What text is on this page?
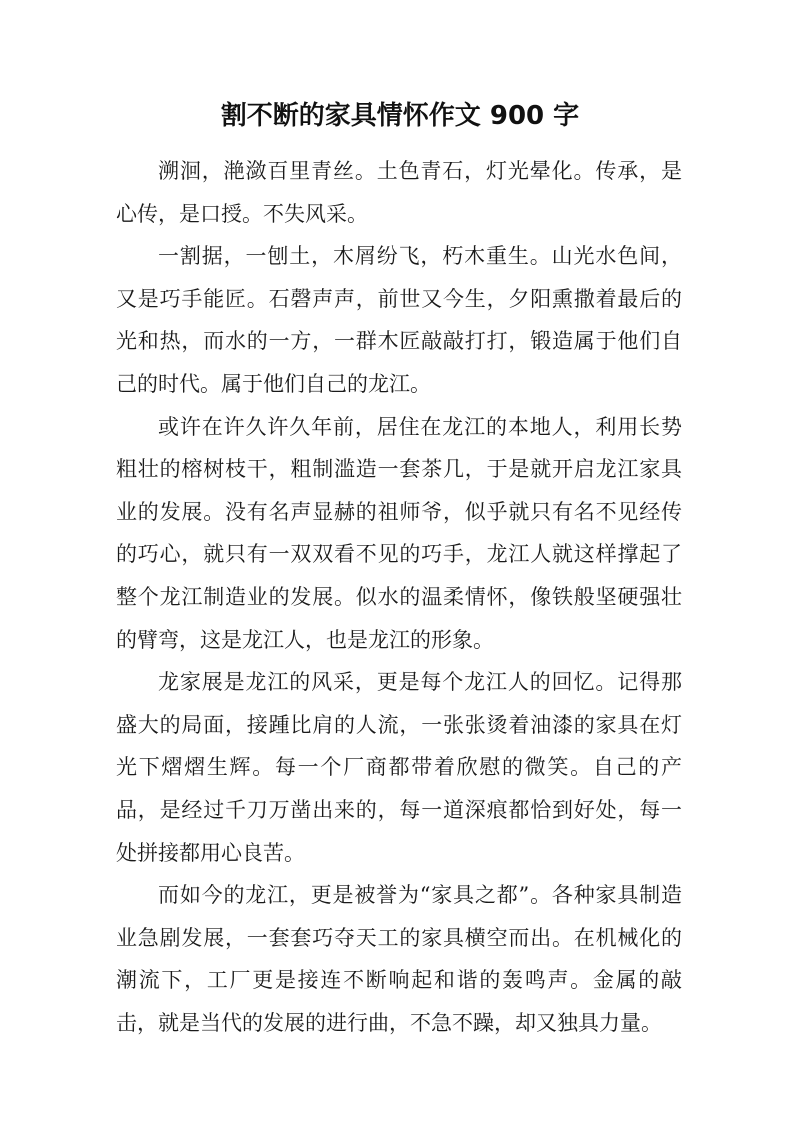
割不断的家具情怀作文 900 字

溯洄，滟潋百里青丝。土色青石，灯光晕化。传承，是心传，是口授。不失风采。

一割据，一刨土，木屑纷飞，朽木重生。山光水色间，又是巧手能匠。石磬声声，前世又今生，夕阳熏撒着最后的光和热，而水的一方，一群木匠敲敲打打，锻造属于他们自己的时代。属于他们自己的龙江。

或许在许久许久年前，居住在龙江的本地人，利用长势粗壮的榕树枝干，粗制滥造一套茶几，于是就开启龙江家具业的发展。没有名声显赫的祖师爷，似乎就只有名不见经传的巧心，就只有一双双看不见的巧手，龙江人就这样撑起了整个龙江制造业的发展。似水的温柔情怀，像铁般坚硬强壮的臂弯，这是龙江人，也是龙江的形象。

龙家展是龙江的风采，更是每个龙江人的回忆。记得那盛大的局面，接踵比肩的人流，一张张烫着油漆的家具在灯光下熠熠生辉。每一个厂商都带着欣慰的微笑。自己的产品，是经过千刀万凿出来的，每一道深痕都恰到好处，每一处拼接都用心良苦。

而如今的龙江，更是被誉为“家具之都”。各种家具制造业急剧发展，一套套巧夺天工的家具横空而出。在机械化的潮流下，工厂更是接连不断响起和谐的轰鸣声。金属的敲击，就是当代的发展的进行曲，不急不躁，却又独具力量。
